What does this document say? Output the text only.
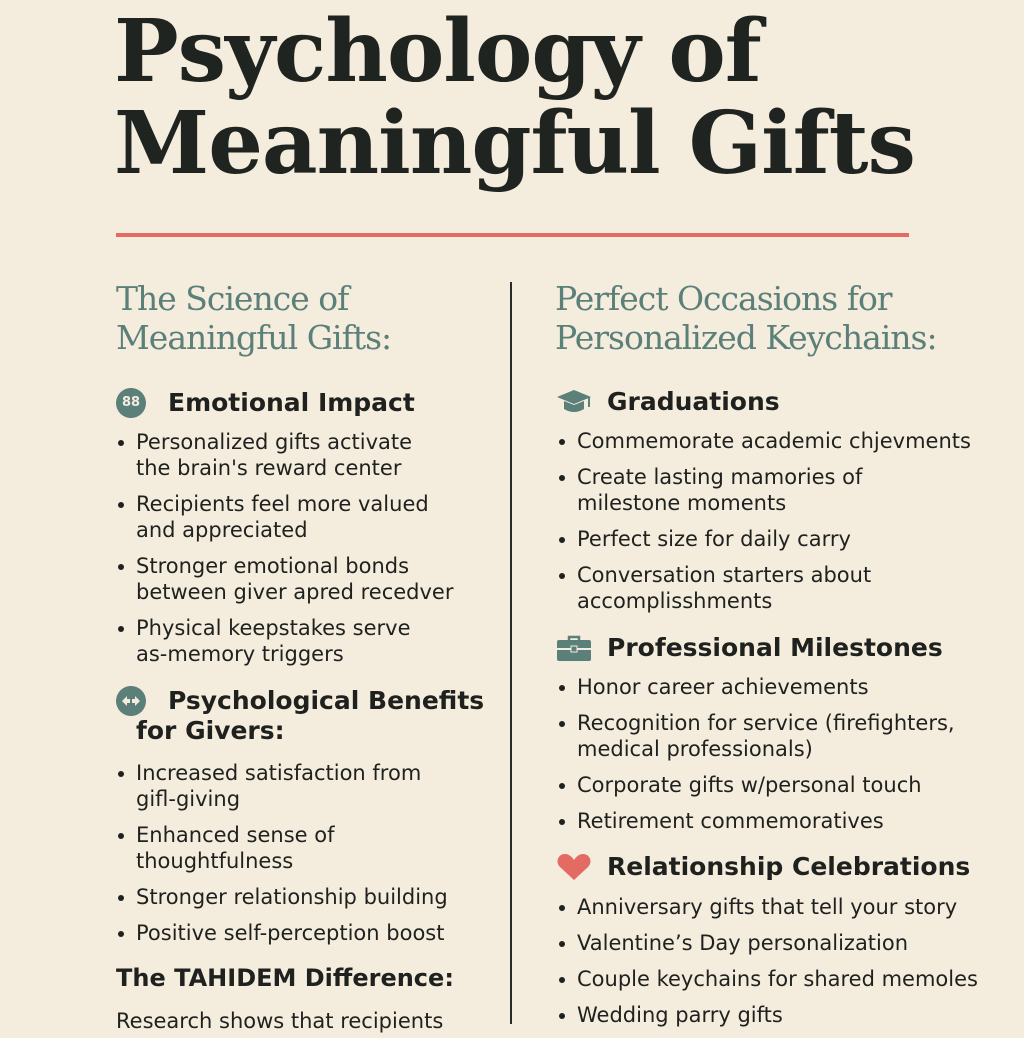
Psychology of
Meaningful Gifts
The Science of
Meaningful Gifts:
88 Emotional Impact
Personalized gifts activate
the brain's reward center
Recipients feel more valued
and appreciated
Stronger emotional bonds
between giver apred recedver
Physical keepstakes serve
as-memory triggers
Psychological Benefits
for Givers:
Increased satisfaction from
gifl-giving
Enhanced sense of
thoughtfulness
Stronger relationship building
Positive self-perception boost
The TAHIDEM Difference:

Research shows that recipients

Perfect Occasions for
Personalized Keychains:
Graduations
Commemorate academic chjevments
Create lasting mamories of
milestone moments
Perfect size for daily carry
Conversation starters about
accomplisshments
Professional Milestones
Honor career achievements
Recognition for service (firefighters,
medical professionals)
Corporate gifts w/personal touch
Retirement commemoratives
Relationship Celebrations
Anniversary gifts that tell your story
Valentine’s Day personalization
Couple keychains for shared memoles
Wedding parry gifts
